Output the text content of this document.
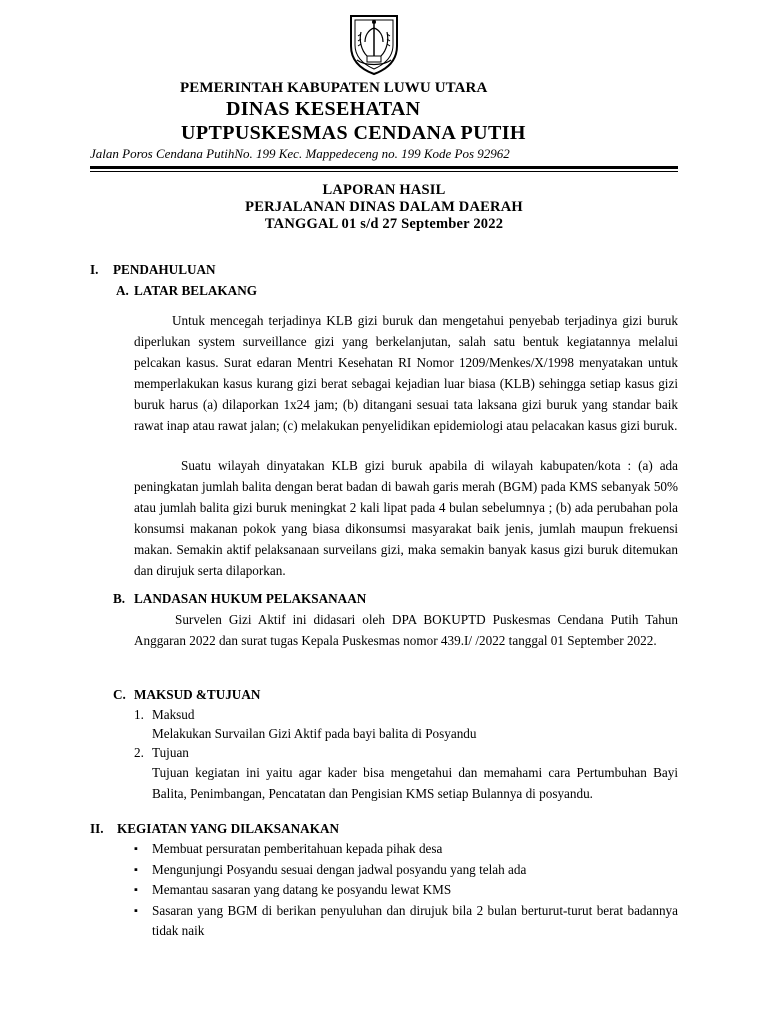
PEMERINTAH KABUPATEN LUWU UTARA
DINAS KESEHATAN
UPTPUSKESMAS CENDANA PUTIH
Jalan Poros Cendana PutihNo. 199 Kec. Mappedeceng no. 199 Kode Pos 92962
LAPORAN HASIL
PERJALANAN DINAS DALAM DAERAH
TANGGAL 01 s/d 27 September 2022
I. PENDAHULUAN
A. LATAR BELAKANG

Untuk mencegah terjadinya KLB gizi buruk dan mengetahui penyebab terjadinya gizi buruk diperlukan system surveillance gizi yang berkelanjutan, salah satu bentuk kegiatannya melalui pelcakan kasus. Surat edaran Mentri Kesehatan RI Nomor 1209/Menkes/X/1998 menyatakan untuk memperlakukan kasus kurang gizi berat sebagai kejadian luar biasa (KLB) sehingga setiap kasus gizi buruk harus (a) dilaporkan 1x24 jam; (b) ditangani sesuai tata laksana gizi buruk yang standar baik rawat inap atau rawat jalan; (c) melakukan penyelidikan epidemiologi atau pelacakan kasus gizi buruk.

Suatu wilayah dinyatakan KLB gizi buruk apabila di wilayah kabupaten/kota : (a) ada peningkatan jumlah balita dengan berat badan di bawah garis merah (BGM) pada KMS sebanyak 50% atau jumlah balita gizi buruk meningkat 2 kali lipat pada 4 bulan sebelumnya ; (b) ada perubahan pola konsumsi makanan pokok yang biasa dikonsumsi masyarakat baik jenis, jumlah maupun frekuensi makan. Semakin aktif pelaksanaan surveilans gizi, maka semakin banyak kasus gizi buruk ditemukan dan dirujuk serta dilaporkan.

B. LANDASAN HUKUM PELAKSANAAN

Survelen Gizi Aktif ini didasari oleh DPA BOKUPTD Puskesmas Cendana Putih Tahun Anggaran 2022 dan surat tugas Kepala Puskesmas nomor 439.I/ /2022 tanggal 01 September 2022.

C. MAKSUD &TUJUAN
1. Maksud
Melakukan Survailan Gizi Aktif pada bayi balita di Posyandu
2. Tujuan

Tujuan kegiatan ini yaitu agar kader bisa mengetahui dan memahami cara Pertumbuhan Bayi Balita, Penimbangan, Pencatatan dan Pengisian KMS setiap Bulannya di posyandu.

II. KEGIATAN YANG DILAKSANAKAN
▪ Membuat persuratan pemberitahuan kepada pihak desa
▪ Mengunjungi Posyandu sesuai dengan jadwal posyandu yang telah ada
▪ Memantau sasaran yang datang ke posyandu lewat KMS
▪ Sasaran yang BGM di berikan penyuluhan dan dirujuk bila 2 bulan berturut-turut berat badannya tidak naik
